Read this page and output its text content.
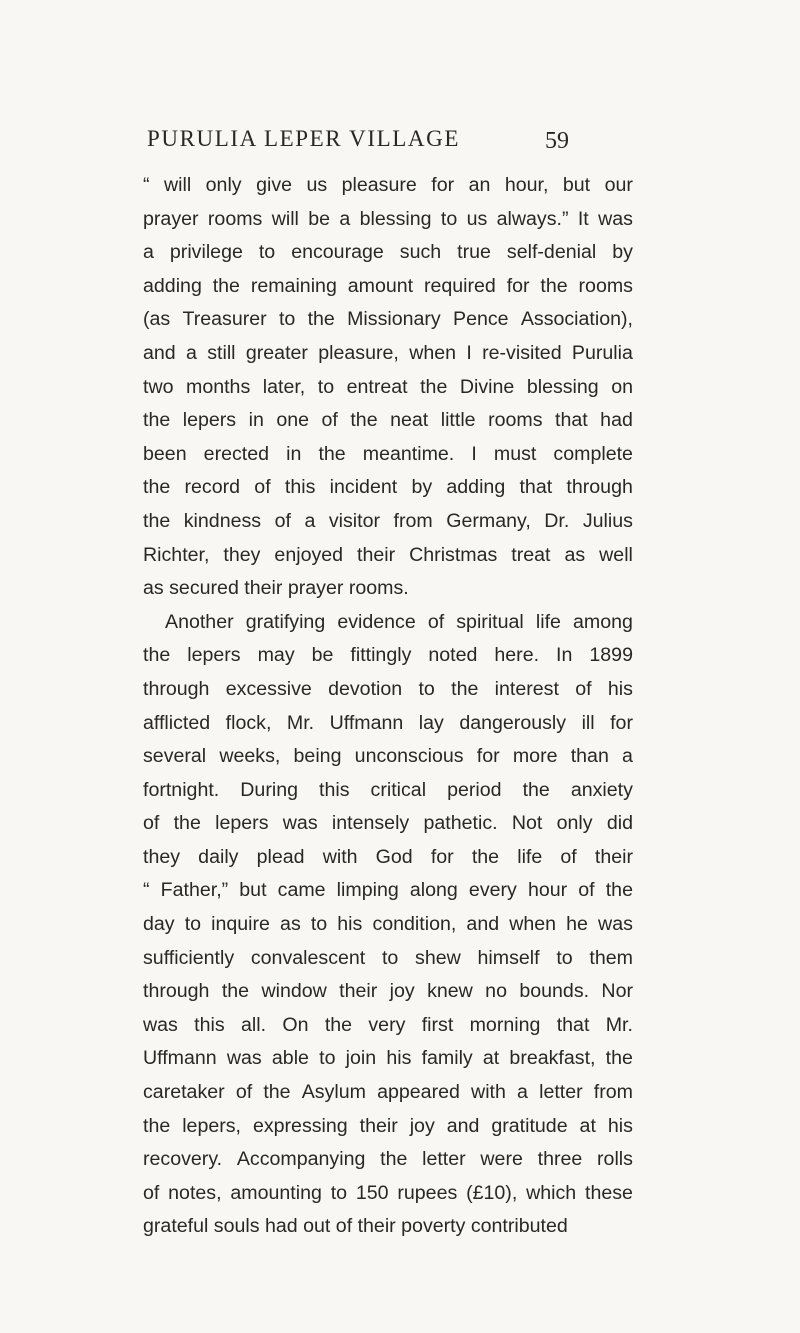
PURULIA LEPER VILLAGE	59
“ will only give us pleasure for an hour, but our
prayer rooms will be a blessing to us always.” It was
a privilege to encourage such true self-denial by
adding the remaining amount required for the rooms
(as Treasurer to the Missionary Pence Association),
and a still greater pleasure, when I re-visited Purulia
two months later, to entreat the Divine blessing on
the lepers in one of the neat little rooms that had
been erected in the meantime. I must complete
the record of this incident by adding that through
the kindness of a visitor from Germany, Dr. Julius
Richter, they enjoyed their Christmas treat as well
as secured their prayer rooms.
Another gratifying evidence of spiritual life among
the lepers may be fittingly noted here. In 1899
through excessive devotion to the interest of his
afflicted flock, Mr. Uffmann lay dangerously ill for
several weeks, being unconscious for more than a
fortnight. During this critical period the anxiety
of the lepers was intensely pathetic. Not only did
they daily plead with God for the life of their
“ Father,” but came limping along every hour of the
day to inquire as to his condition, and when he was
sufficiently convalescent to shew himself to them
through the window their joy knew no bounds. Nor
was this all. On the very first morning that Mr.
Uffmann was able to join his family at breakfast, the
caretaker of the Asylum appeared with a letter from
the lepers, expressing their joy and gratitude at his
recovery. Accompanying the letter were three rolls
of notes, amounting to 150 rupees (£10), which these
grateful souls had out of their poverty contributed
